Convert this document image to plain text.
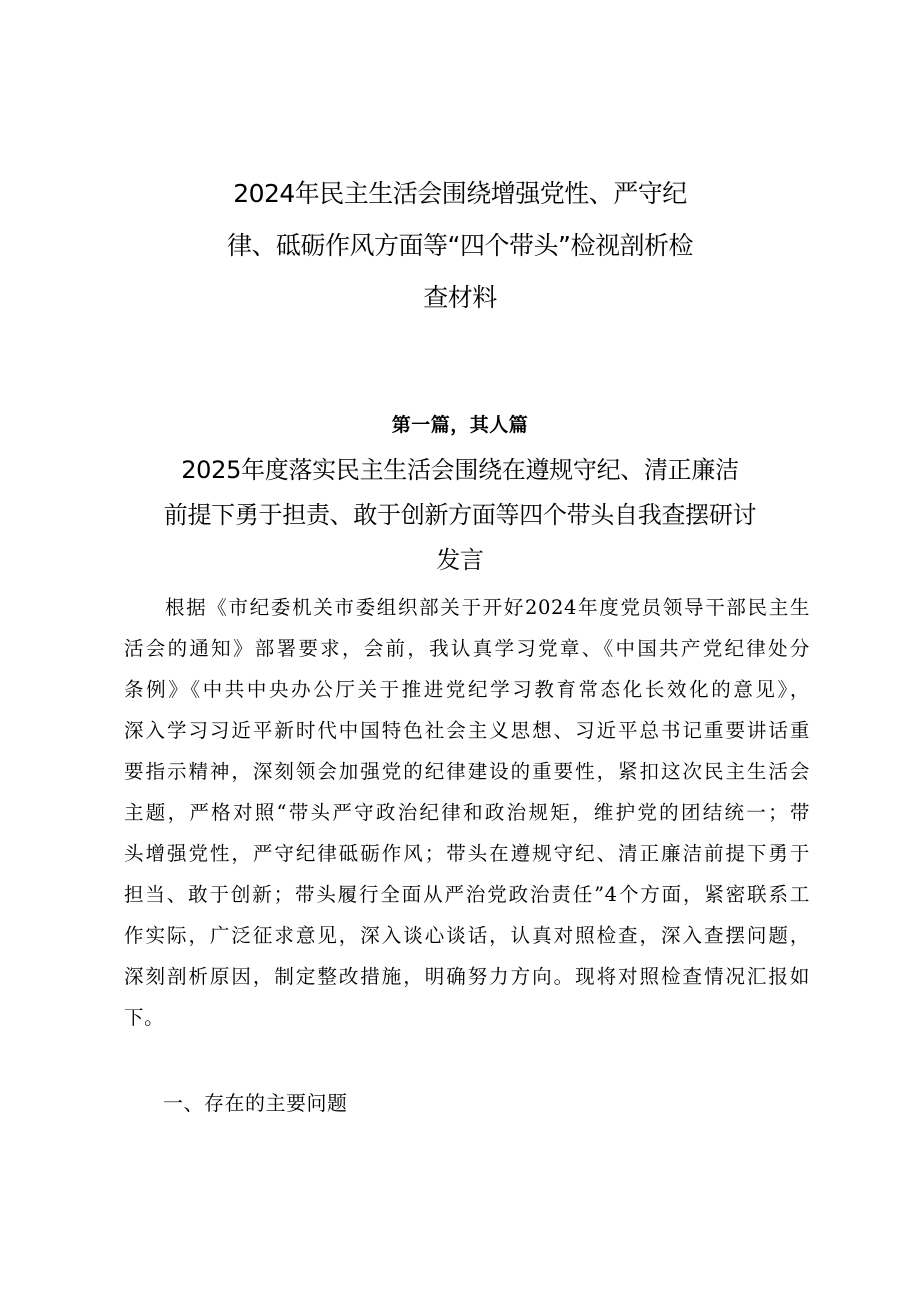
2024年民主生活会围绕增强党性、严守纪
律、砥砺作风方面等“四个带头”检视剖析检
查材料
第一篇，其人篇
2025年度落实民主生活会围绕在遵规守纪、清正廉洁
前提下勇于担责、敢于创新方面等四个带头自我查摆研讨
发言
根据《市纪委机关市委组织部关于开好2024年度党员领导干部民主生
活会的通知》部署要求，会前，我认真学习党章、《中国共产党纪律处分
条例》《中共中央办公厅关于推进党纪学习教育常态化长效化的意见》，
深入学习习近平新时代中国特色社会主义思想、习近平总书记重要讲话重
要指示精神，深刻领会加强党的纪律建设的重要性，紧扣这次民主生活会
主题，严格对照“带头严守政治纪律和政治规矩，维护党的团结统一；带
头增强党性，严守纪律砥砺作风；带头在遵规守纪、清正廉洁前提下勇于
担当、敢于创新；带头履行全面从严治党政治责任”4个方面，紧密联系工
作实际，广泛征求意见，深入谈心谈话，认真对照检查，深入查摆问题，
深刻剖析原因，制定整改措施，明确努力方向。现将对照检查情况汇报如
下。
一、存在的主要问题
